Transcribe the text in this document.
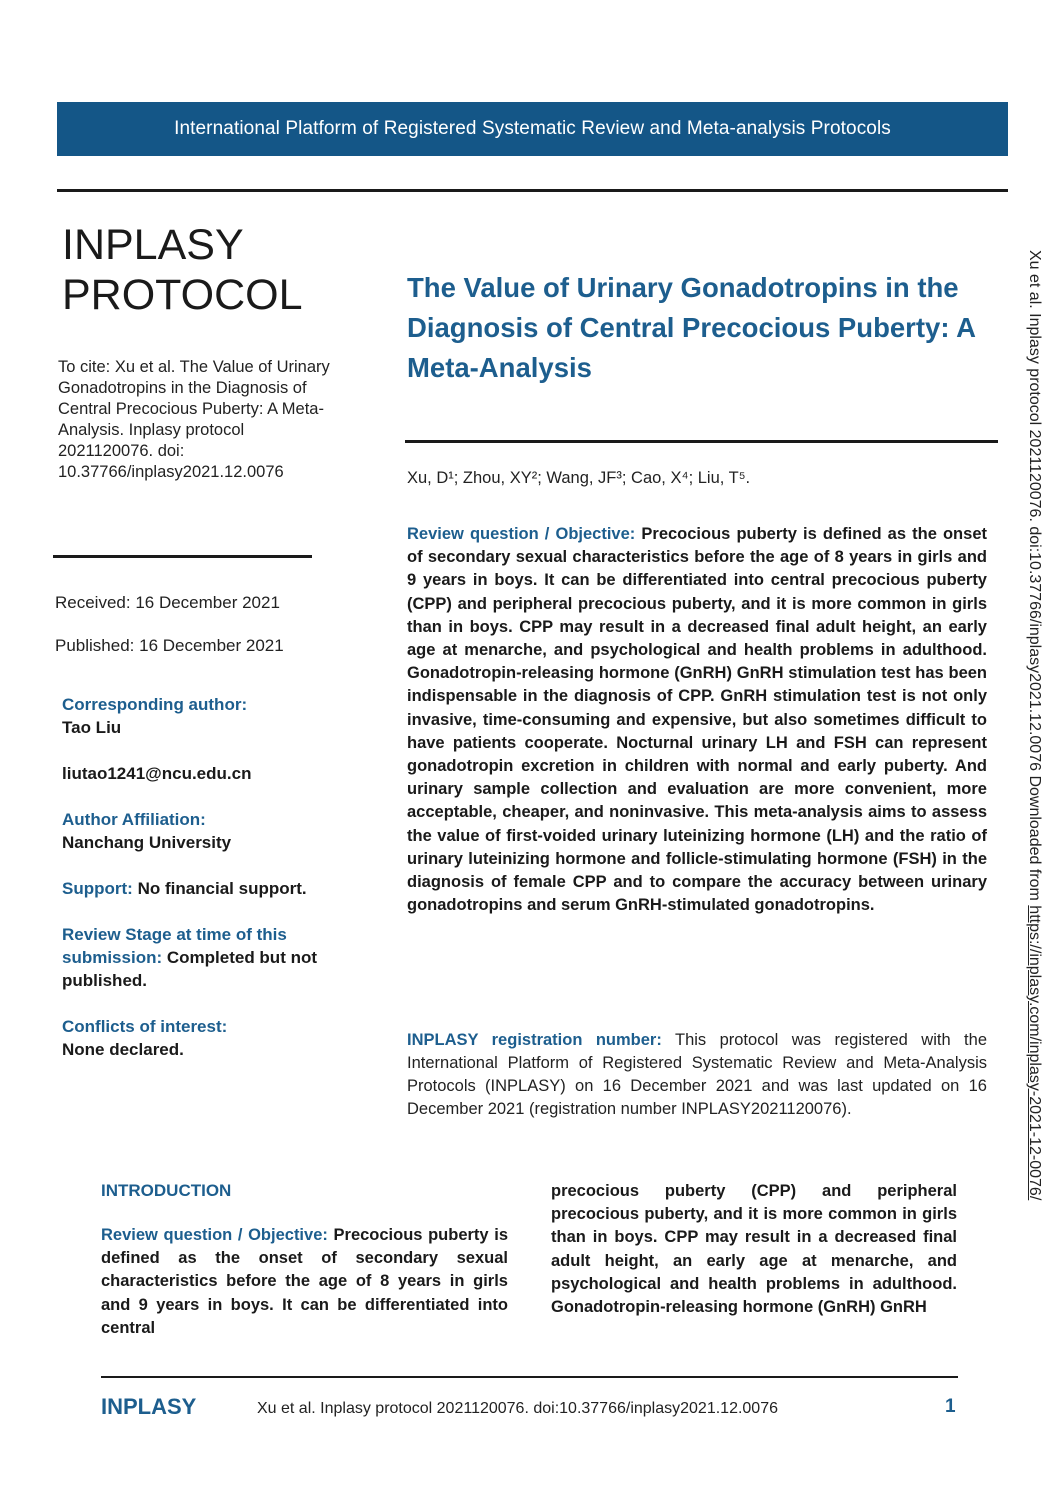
International Platform of Registered Systematic Review and Meta-analysis Protocols
INPLASY
PROTOCOL
To cite: Xu et al. The Value of Urinary Gonadotropins in the Diagnosis of Central Precocious Puberty: A Meta-Analysis. Inplasy protocol 2021120076. doi: 10.37766/inplasy2021.12.0076
Received: 16 December 2021
Published: 16 December 2021
Corresponding author:
Tao Liu
liutao1241@ncu.edu.cn
Author Affiliation:
Nanchang University
Support: No financial support.
Review Stage at time of this submission: Completed but not published.
Conflicts of interest:
None declared.
The Value of Urinary Gonadotropins in the Diagnosis of Central Precocious Puberty: A Meta-Analysis
Xu, D¹; Zhou, XY²; Wang, JF³; Cao, X⁴; Liu, T⁵.
Review question / Objective: Precocious puberty is defined as the onset of secondary sexual characteristics before the age of 8 years in girls and 9 years in boys. It can be differentiated into central precocious puberty (CPP) and peripheral precocious puberty, and it is more common in girls than in boys. CPP may result in a decreased final adult height, an early age at menarche, and psychological and health problems in adulthood. Gonadotropin-releasing hormone (GnRH) GnRH stimulation test has been indispensable in the diagnosis of CPP. GnRH stimulation test is not only invasive, time-consuming and expensive, but also sometimes difficult to have patients cooperate. Nocturnal urinary LH and FSH can represent gonadotropin excretion in children with normal and early puberty. And urinary sample collection and evaluation are more convenient, more acceptable, cheaper, and noninvasive. This meta-analysis aims to assess the value of first-voided urinary luteinizing hormone (LH) and the ratio of urinary luteinizing hormone and follicle-stimulating hormone (FSH) in the diagnosis of female CPP and to compare the accuracy between urinary gonadotropins and serum GnRH-stimulated gonadotropins.
INPLASY registration number: This protocol was registered with the International Platform of Registered Systematic Review and Meta-Analysis Protocols (INPLASY) on 16 December 2021 and was last updated on 16 December 2021 (registration number INPLASY2021120076).
INTRODUCTION
Review question / Objective: Precocious puberty is defined as the onset of secondary sexual characteristics before the age of 8 years in girls and 9 years in boys. It can be differentiated into central
precocious puberty (CPP) and peripheral precocious puberty, and it is more common in girls than in boys. CPP may result in a decreased final adult height, an early age at menarche, and psychological and health problems in adulthood. Gonadotropin-releasing hormone (GnRH) GnRH
INPLASY	Xu et al. Inplasy protocol 2021120076. doi:10.37766/inplasy2021.12.0076	1
Xu et al. Inplasy protocol 2021120076. doi:10.37766/inplasy2021.12.0076 Downloaded from https://inplasy.com/inplasy-2021-12-0076/
